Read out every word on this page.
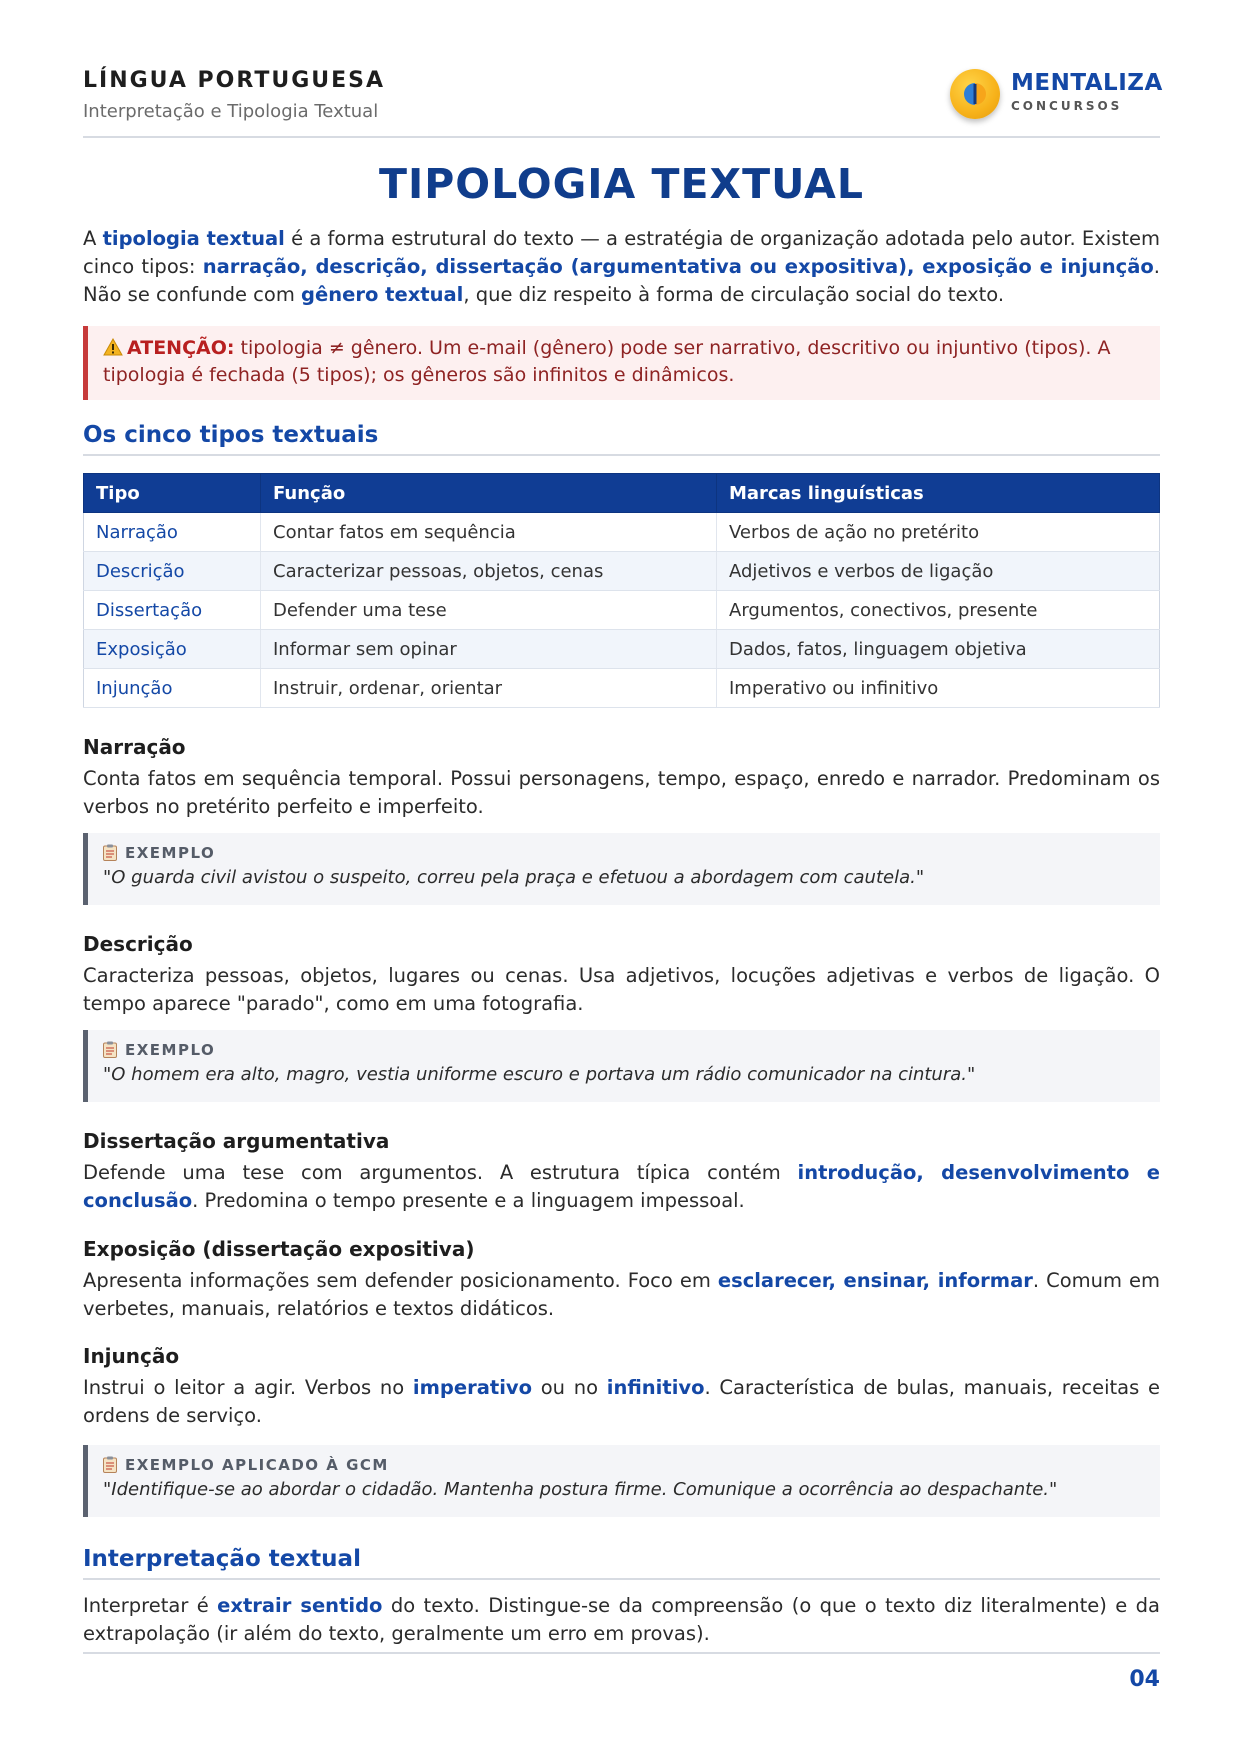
LÍNGUA PORTUGUESA
Interpretação e Tipologia Textual
MENTALIZA
CONCURSOS
TIPOLOGIA TEXTUAL

A tipologia textual é a forma estrutural do texto — a estratégia de organização adotada pelo autor. Existem cinco tipos: narração, descrição, dissertação (argumentativa ou expositiva), exposição e injunção. Não se confunde com gênero textual, que diz respeito à forma de circulação social do texto.

ATENÇÃO: tipologia ≠ gênero. Um e-mail (gênero) pode ser narrativo, descritivo ou injuntivo (tipos). A tipologia é fechada (5 tipos); os gêneros são infinitos e dinâmicos.

Os cinco tipos textuais
Tipo	Função	Marcas linguísticas
Narração	Contar fatos em sequência	Verbos de ação no pretérito
Descrição	Caracterizar pessoas, objetos, cenas	Adjetivos e verbos de ligação
Dissertação	Defender uma tese	Argumentos, conectivos, presente
Exposição	Informar sem opinar	Dados, fatos, linguagem objetiva
Injunção	Instruir, ordenar, orientar	Imperativo ou infinitivo
Narração

Conta fatos em sequência temporal. Possui personagens, tempo, espaço, enredo e narrador. Predominam os verbos no pretérito perfeito e imperfeito.

EXEMPLO
"O guarda civil avistou o suspeito, correu pela praça e efetuou a abordagem com cautela."
Descrição

Caracteriza pessoas, objetos, lugares ou cenas. Usa adjetivos, locuções adjetivas e verbos de ligação. O tempo aparece "parado", como em uma fotografia.

EXEMPLO
"O homem era alto, magro, vestia uniforme escuro e portava um rádio comunicador na cintura."
Dissertação argumentativa

Defende uma tese com argumentos. A estrutura típica contém introdução, desenvolvimento e conclusão. Predomina o tempo presente e a linguagem impessoal.

Exposição (dissertação expositiva)

Apresenta informações sem defender posicionamento. Foco em esclarecer, ensinar, informar. Comum em verbetes, manuais, relatórios e textos didáticos.

Injunção

Instrui o leitor a agir. Verbos no imperativo ou no infinitivo. Característica de bulas, manuais, receitas e ordens de serviço.

EXEMPLO APLICADO À GCM
"Identifique-se ao abordar o cidadão. Mantenha postura firme. Comunique a ocorrência ao despachante."
Interpretação textual

Interpretar é extrair sentido do texto. Distingue-se da compreensão (o que o texto diz literalmente) e da extrapolação (ir além do texto, geralmente um erro em provas).

04
